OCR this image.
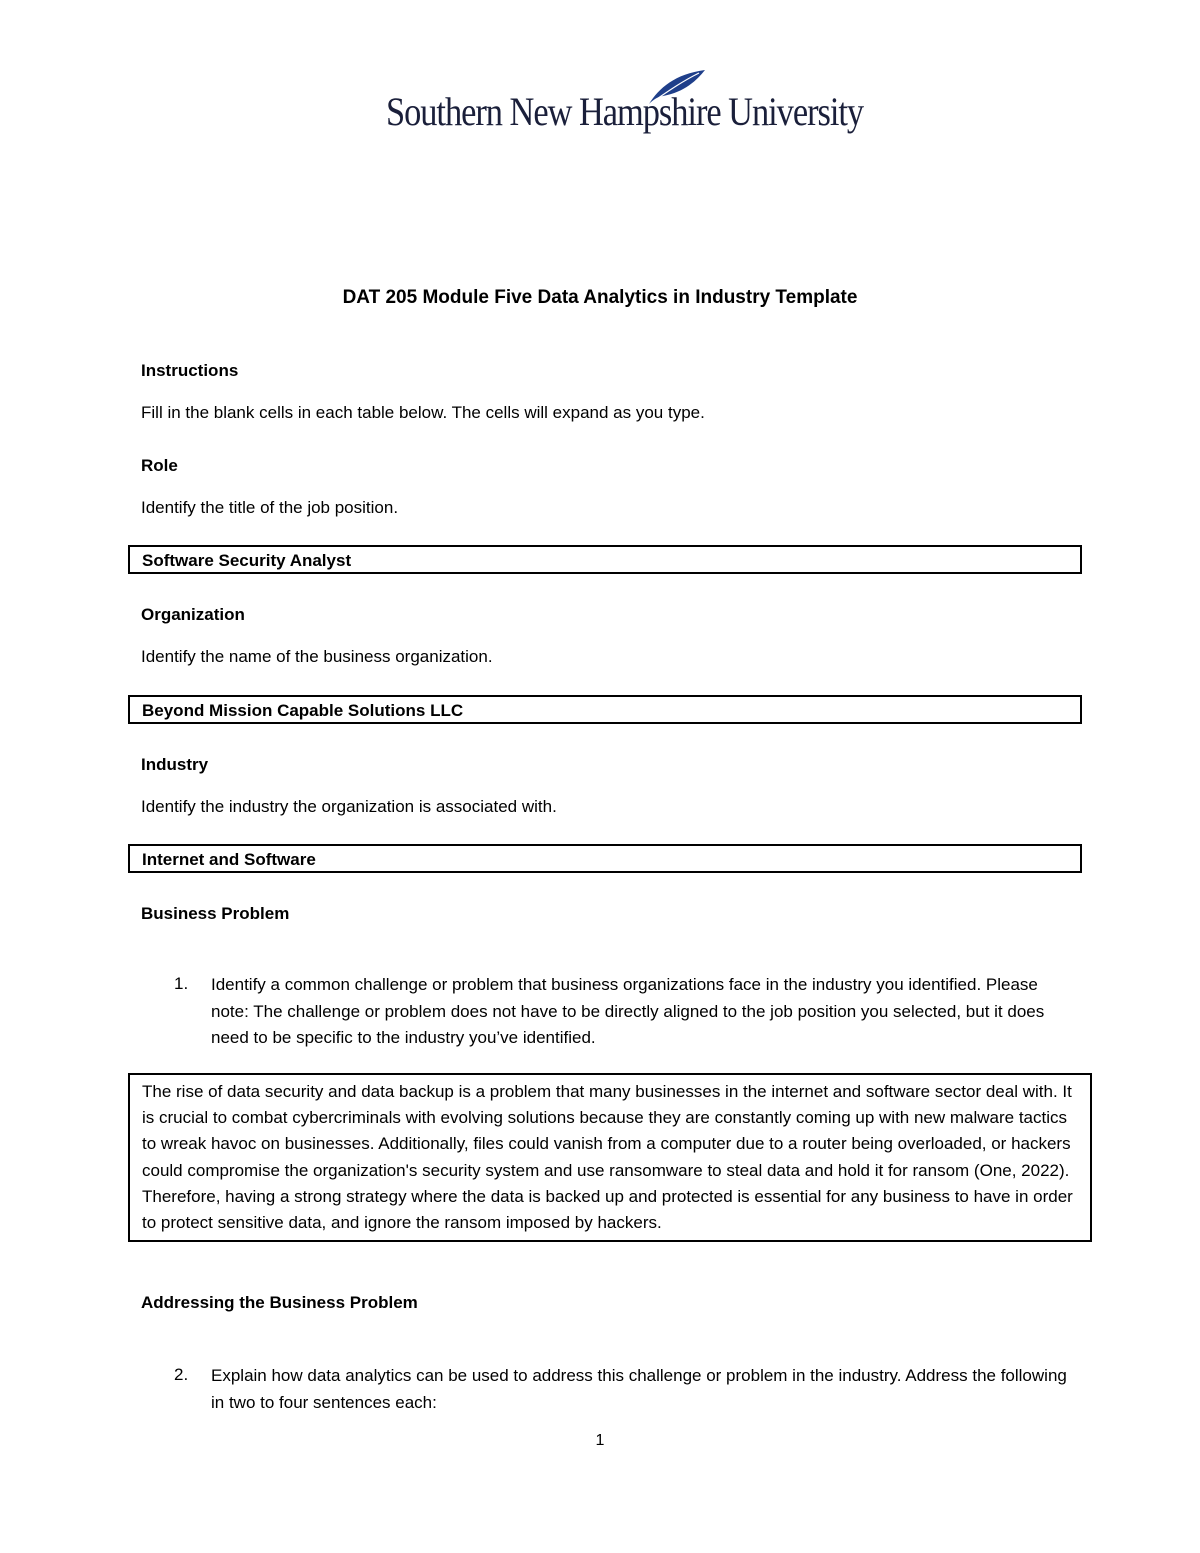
Southern New Hampshire University
DAT 205 Module Five Data Analytics in Industry Template
Instructions
Fill in the blank cells in each table below. The cells will expand as you type.
Role
Identify the title of the job position.
Software Security Analyst
Organization
Identify the name of the business organization.
Beyond Mission Capable Solutions LLC
Industry
Identify the industry the organization is associated with.
Internet and Software
Business Problem
1. Identify a common challenge or problem that business organizations face in the industry you identified. Please note: The challenge or problem does not have to be directly aligned to the job position you selected, but it does need to be specific to the industry you’ve identified.

The rise of data security and data backup is a problem that many businesses in the internet and software sector deal with. It is crucial to combat cybercriminals with evolving solutions because they are constantly coming up with new malware tactics to wreak havoc on businesses. Additionally, files could vanish from a computer due to a router being overloaded, or hackers could compromise the organization's security system and use ransomware to steal data and hold it for ransom (One, 2022). Therefore, having a strong strategy where the data is backed up and protected is essential for any business to have in order to protect sensitive data, and ignore the ransom imposed by hackers.

Addressing the Business Problem
2. Explain how data analytics can be used to address this challenge or problem in the industry. Address the following in two to four sentences each:
1
